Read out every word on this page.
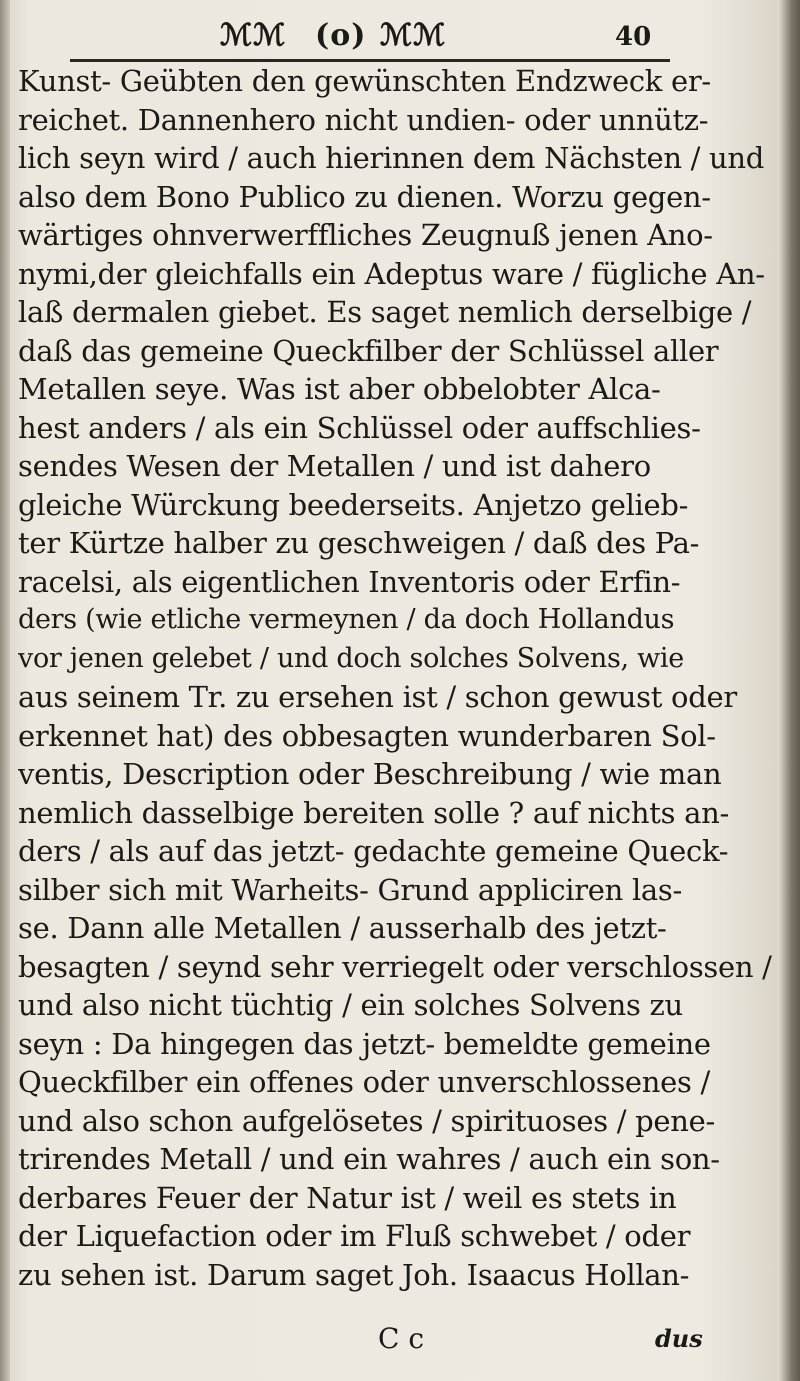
ℳ︎ℳ (o) ℳ︎ℳ	40
Kunst- Geübten den gewünschten Endzweck er-
reichet. Dannenhero nicht undien- oder unnütz-
lich seyn wird / auch hierinnen dem Nächsten / und
also dem Bono Publico zu dienen. Worzu gegen-
wärtiges ohnverwerffliches Zeugnuß jenen Ano-
nymi,der gleichfalls ein Adeptus ware / fügliche An-
laß dermalen giebet. Es saget nemlich derselbige /
daß das gemeine Queckfilber der Schlüssel aller
Metallen seye. Was ist aber obbelobter Alca-
hest anders / als ein Schlüssel oder auffschlies-
sendes Wesen der Metallen / und ist dahero
gleiche Würckung beederseits. Anjetzo gelieb-
ter Kürtze halber zu geschweigen / daß des Pa-
racelsi, als eigentlichen Inventoris oder Erfin-
ders (wie etliche vermeynen / da doch Hollandus
vor jenen gelebet / und doch solches Solvens, wie
aus seinem Tr. zu ersehen ist / schon gewust oder
erkennet hat) des obbesagten wunderbaren Sol-
ventis, Description oder Beschreibung / wie man
nemlich dasselbige bereiten solle ? auf nichts an-
ders / als auf das jetzt- gedachte gemeine Queck-
silber sich mit Warheits- Grund appliciren las-
se. Dann alle Metallen / ausserhalb des jetzt-
besagten / seynd sehr verriegelt oder verschlossen /
und also nicht tüchtig / ein solches Solvens zu
seyn : Da hingegen das jetzt- bemeldte gemeine
Queckfilber ein offenes oder unverschlossenes /
und also schon aufgelösetes / spirituoses / pene-
trirendes Metall / und ein wahres / auch ein son-
derbares Feuer der Natur ist / weil es stets in
der Liquefaction oder im Fluß schwebet / oder
zu sehen ist. Darum saget Joh. Isaacus Hollan-
C c	dus
